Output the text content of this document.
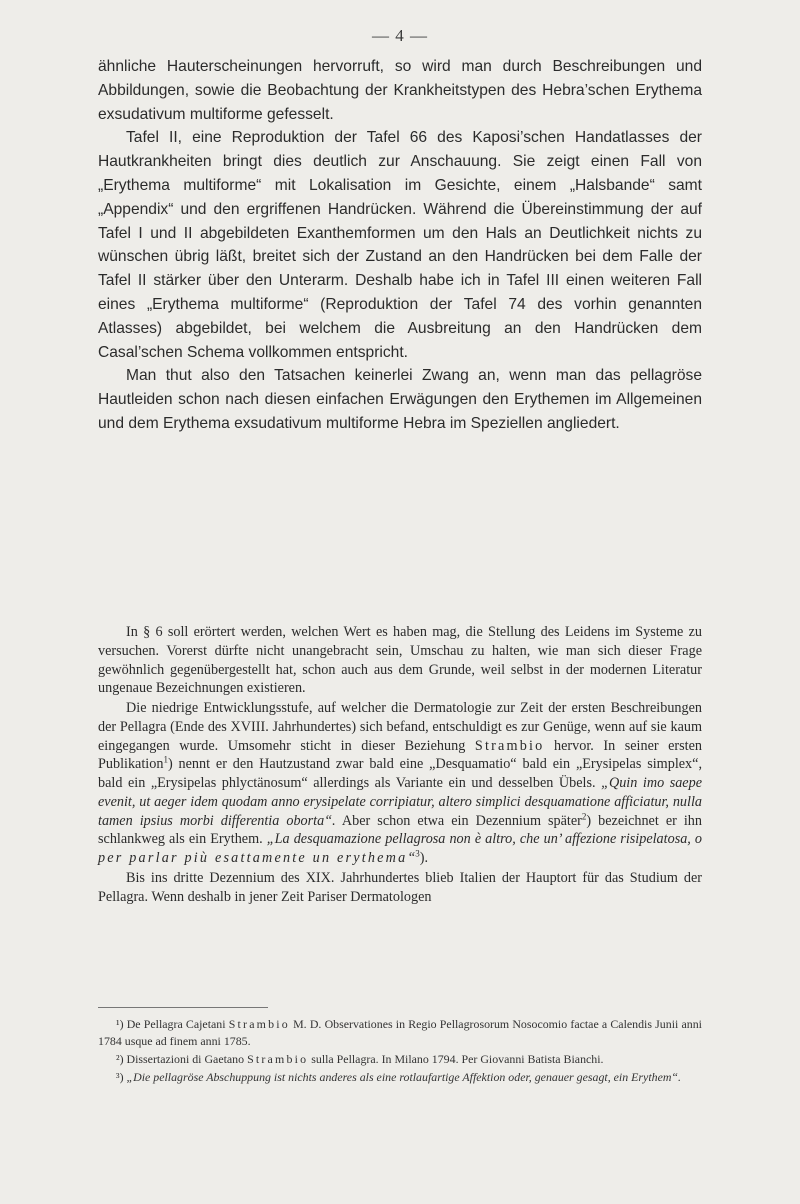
— 4 —

ähnliche Hauterscheinungen hervorruft, so wird man durch Beschreibungen und Abbildungen, sowie die Beobachtung der Krankheitstypen des Hebra’schen Erythema exsudativum multiforme gefesselt.

Tafel II, eine Reproduktion der Tafel 66 des Kaposi’schen Handatlasses der Hautkrankheiten bringt dies deutlich zur Anschauung. Sie zeigt einen Fall von „Erythema multiforme“ mit Lokalisation im Gesichte, einem „Halsbande“ samt „Appendix“ und den ergriffenen Handrücken. Während die Übereinstimmung der auf Tafel I und II abgebildeten Exanthemformen um den Hals an Deutlichkeit nichts zu wünschen übrig läßt, breitet sich der Zustand an den Handrücken bei dem Falle der Tafel II stärker über den Unterarm. Deshalb habe ich in Tafel III einen weiteren Fall eines „Erythema multiforme“ (Reproduktion der Tafel 74 des vorhin genannten Atlasses) abgebildet, bei welchem die Ausbreitung an den Handrücken dem Casal’schen Schema vollkommen entspricht.

Man thut also den Tatsachen keinerlei Zwang an, wenn man das pellagröse Hautleiden schon nach diesen einfachen Erwägungen den Erythemen im Allgemeinen und dem Erythema exsudativum multiforme Hebra im Speziellen angliedert.

In § 6 soll erörtert werden, welchen Wert es haben mag, die Stellung des Leidens im Systeme zu versuchen. Vorerst dürfte nicht unangebracht sein, Umschau zu halten, wie man sich dieser Frage gewöhnlich gegenübergestellt hat, schon auch aus dem Grunde, weil selbst in der modernen Literatur ungenaue Bezeichnungen existieren.

Die niedrige Entwicklungsstufe, auf welcher die Dermatologie zur Zeit der ersten Beschreibungen der Pellagra (Ende des XVIII. Jahrhundertes) sich befand, entschuldigt es zur Genüge, wenn auf sie kaum eingegangen wurde. Umsomehr sticht in dieser Beziehung Strambio hervor. In seiner ersten Publikation$^1$) nennt er den Hautzustand zwar bald eine „Desquamatio“ bald ein „Erysipelas simplex“, bald ein „Erysipelas phlyctänosum“ allerdings als Variante ein und desselben Übels. „Quin imo saepe evenit, ut aeger idem quodam anno erysipelate corripiatur, altero simplici desquamatione afficiatur, nulla tamen ipsius morbi differentia oborta“. Aber schon etwa ein Dezennium später$^2$) bezeichnet er ihn schlankweg als ein Erythem. „La desquamazione pellagrosa non è altro, che un’ affezione risipelatosa, o per parlar più esattamente un erythema“$^3$).

Bis ins dritte Dezennium des XIX. Jahrhundertes blieb Italien der Hauptort für das Studium der Pellagra. Wenn deshalb in jener Zeit Pariser Dermatologen

¹) De Pellagra Cajetani Strambio M. D. Observationes in Regio Pellagrosorum Nosocomio factae a Calendis Junii anni 1784 usque ad finem anni 1785.

²) Dissertazioni di Gaetano Strambio sulla Pellagra. In Milano 1794. Per Giovanni Batista Bianchi.

³) „Die pellagröse Abschuppung ist nichts anderes als eine rotlaufartige Affektion oder, genauer gesagt, ein Erythem“.
